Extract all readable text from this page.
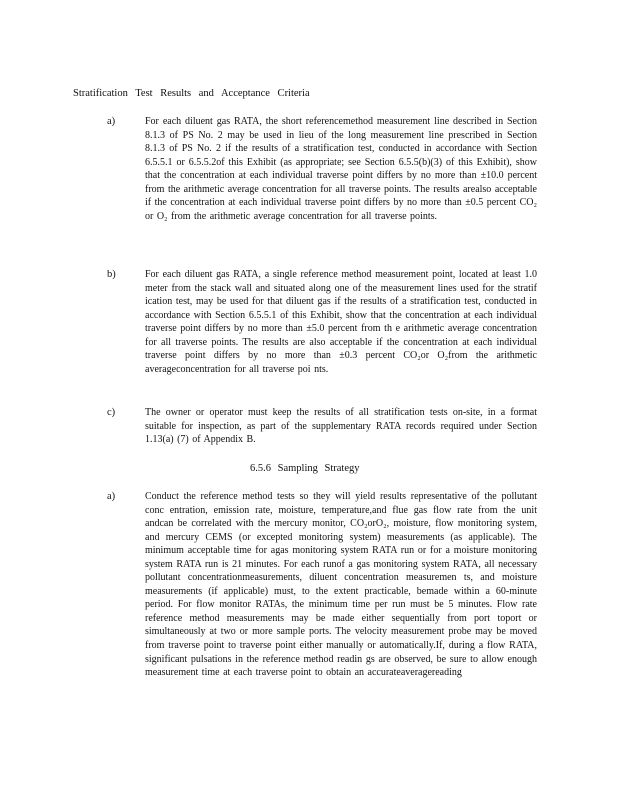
Stratification Test Results and Acceptance Criteria
a)	For each diluent gas RATA, the short referencemethod measurement line described in Section 8.1.3 of PS No. 2 may be used in lieu of the long measurement line prescribed in Section 8.1.3 of PS No. 2 if the results of a stratification test, conducted in accordance with Section 6.5.5.1 or 6.5.5.2of this Exhibit (as appropriate; see Section 6.5.5(b)(3) of this Exhibit), show that the concentration at each individual traverse point differs by no more than ±10.0 percent from the arithmetic average concentration for all traverse points. The results arealso acceptable if the concentration at each individual traverse point differs by no more than ±0.5 percent CO₂ or O₂ from the arithmetic average concentration for all traverse points.
b)	For each diluent gas RATA, a single reference method measurement point, located at least 1.0 meter from the stack wall and situated along one of the measurement lines used for the stratif ication test, may be used for that diluent gas if the results of a stratification test, conducted in accordance with Section 6.5.5.1 of this Exhibit, show that the concentration at each individual traverse point differs by no more than ±5.0 percent from th e arithmetic average concentration for all traverse points. The results are also acceptable if the concentration at each individual traverse point differs by no more than ±0.3 percent CO₂or O₂from the arithmetic averageconcentration for all traverse poi nts.
c)	The owner or operator must keep the results of all stratification tests on-site, in a format suitable for inspection, as part of the supplementary RATA records required under Section 1.13(a) (7) of Appendix B.
6.5.6 Sampling Strategy
a)	Conduct the reference method tests so they will yield results representative of the pollutant conc entration, emission rate, moisture, temperature,and flue gas flow rate from the unit andcan be correlated with the mercury monitor, CO₂orO₂, moisture, flow monitoring system, and mercury CEMS (or excepted monitoring system) measurements (as applicable). The minimum acceptable time for agas monitoring system RATA run or for a moisture monitoring system RATA run is 21 minutes. For each runof a gas monitoring system RATA, all necessary pollutant concentrationmeasurements, diluent concentration measuremen ts, and moisture measurements (if applicable) must, to the extent practicable, bemade within a 60-minute period. For flow monitor RATAs, the minimum time per run must be 5 minutes. Flow rate reference method measurements may be made either sequentially from port toport or simultaneously at two or more sample ports. The velocity measurement probe may be moved from traverse point to traverse point either manually or automatically.If, during a flow RATA, significant pulsations in the reference method readin gs are observed, be sure to allow enough measurement time at each traverse point to obtain an accurateaveragereading
